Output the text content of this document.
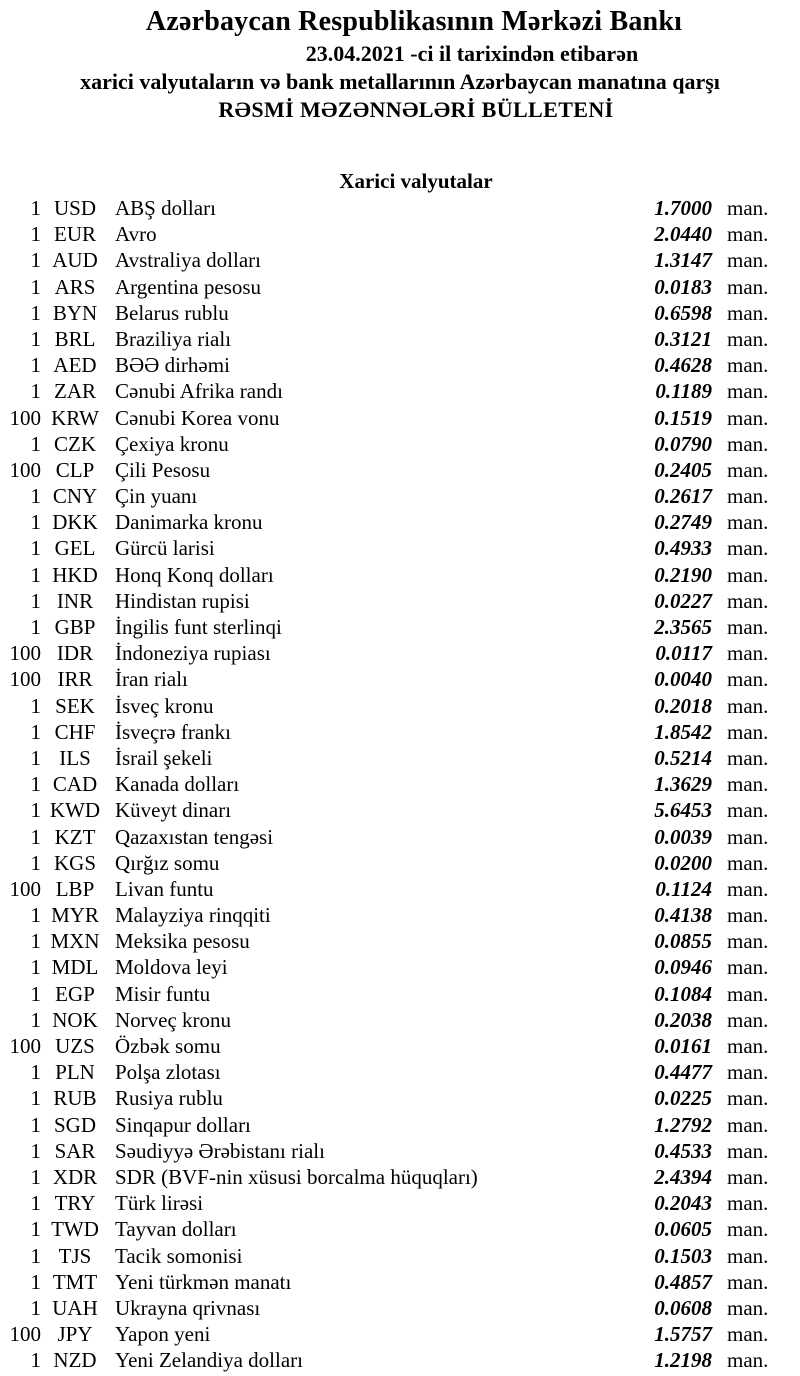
Azərbaycan Respublikasının Mərkəzi Bankı
23.04.2021 -ci il tarixindən etibarən
xarici valyutaların və bank metallarının Azərbaycan manatına qarşı
RƏSMİ MƏZƏNNƏLƏRİ BÜLLETENİ
Xarici valyutalar
1 USD ABŞ dolları	1.7000 man.
1 EUR Avro	2.0440 man.
1 AUD Avstraliya dolları	1.3147 man.
1 ARS Argentina pesosu	0.0183 man.
1 BYN Belarus rublu	0.6598 man.
1 BRL Braziliya rialı	0.3121 man.
1 AED BƏƏ dirhəmi	0.4628 man.
1 ZAR Cənubi Afrika randı	0.1189 man.
100 KRW Cənubi Korea vonu	0.1519 man.
1 CZK Çexiya kronu	0.0790 man.
100 CLP Çili Pesosu	0.2405 man.
1 CNY Çin yuanı	0.2617 man.
1 DKK Danimarka kronu	0.2749 man.
1 GEL Gürcü larisi	0.4933 man.
1 HKD Honq Konq dolları	0.2190 man.
1 INR	Hindistan rupisi	0.0227 man.
1 GBP İngilis funt sterlinqi	2.3565 man.
100 IDR	İndoneziya rupiası	0.0117 man.
100 IRR	İran rialı	0.0040 man.
1 SEK İsveç kronu	0.2018 man.
1 CHF İsveçrə frankı	1.8542 man.
1 ILS	İsrail şekeli	0.5214 man.
1 CAD Kanada dolları	1.3629 man.
1 KWD Küveyt dinarı	5.6453 man.
1 KZT Qazaxıstan tengəsi	0.0039 man.
1 KGS Qırğız somu	0.0200 man.
100 LBP Livan funtu	0.1124 man.
1 MYR Malayziya rinqqiti	0.4138 man.
1 MXN Meksika pesosu	0.0855 man.
1 MDL Moldova leyi	0.0946 man.
1 EGP Misir funtu	0.1084 man.
1 NOK Norveç kronu	0.2038 man.
100 UZS Özbək somu	0.0161 man.
1 PLN Polşa zlotası	0.4477 man.
1 RUB Rusiya rublu	0.0225 man.
1 SGD Sinqapur dolları	1.2792 man.
1 SAR Səudiyyə Ərəbistanı rialı	0.4533 man.
1 XDR SDR (BVF-nin xüsusi borcalma hüquqları)	2.4394 man.
1 TRY Türk lirəsi	0.2043 man.
1 TWD Tayvan dolları	0.0605 man.
1 TJS	Tacik somonisi	0.1503 man.
1 TMT Yeni türkmən manatı	0.4857 man.
1 UAH Ukrayna qrivnası	0.0608 man.
100 JPY	Yapon yeni	1.5757 man.
1 NZD Yeni Zelandiya dolları	1.2198 man.
